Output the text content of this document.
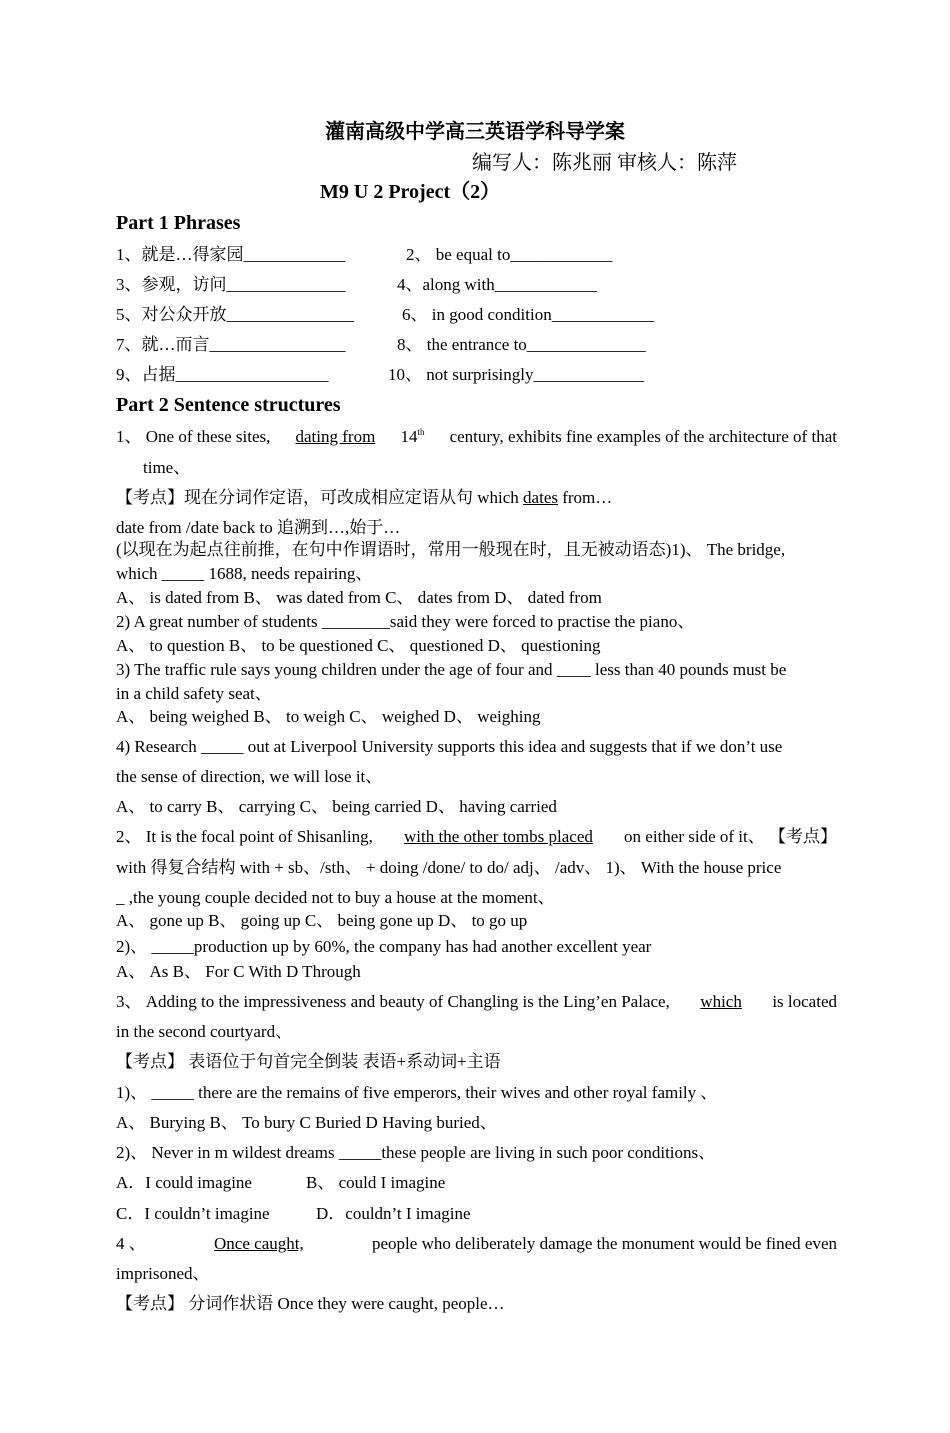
灌南高级中学高三英语学科导学案
编写人：陈兆丽 审核人：陈萍
M9 U 2 Project（2）
Part 1 Phrases
1、就是…得家园____________	2、 be equal to____________
3、参观，访问______________	4、along with____________
5、对公众开放_______________	6、 in good condition____________
7、就…而言________________	8、 the entrance to______________
9、占据__________________	10、 not surprisingly_____________
Part 2 Sentence structures
1、 One of these sites, dating from 14th century, exhibits fine examples of the architecture of that
time、
【考点】现在分词作定语，可改成相应定语从句 which dates from…
date from /date back to 追溯到…,始于…
(以现在为起点往前推，在句中作谓语时，常用一般现在时，且无被动语态)1)、 The bridge,
which _____ 1688, needs repairing、
A、 is dated from B、 was dated from C、 dates from D、 dated from
2) A great number of students ________said they were forced to practise the piano、
A、 to question B、 to be questioned C、 questioned D、 questioning
3) The traffic rule says young children under the age of four and ____ less than 40 pounds must be
in a child safety seat、
A、 being weighed B、 to weigh C、 weighed D、 weighing
4) Research _____ out at Liverpool University supports this idea and suggests that if we don’t use
the sense of direction, we will lose it、
A、 to carry B、 carrying C、 being carried D、 having carried
2、 It is the focal point of Shisanling, with the other tombs placed on either side of it、 【考点】
with 得复合结构 with + sb、/sth、 + doing /done/ to do/ adj、 /adv、 1)、 With the house price
_ ,the young couple decided not to buy a house at the moment、
A、 gone up B、 going up C、 being gone up D、 to go up
2)、 _____production up by 60%, the company has had another excellent year
A、 As B、 For C With D Through
3、 Adding to the impressiveness and beauty of Changling is the Ling’en Palace, which is located
in the second courtyard、
【考点】 表语位于句首完全倒装 表语+系动词+主语
1)、 _____ there are the remains of five emperors, their wives and other royal family 、
A、 Burying B、 To bury C Buried D Having buried、
2)、 Never in m wildest dreams _____these people are living in such poor conditions、
A．I could imagine	B、 could I imagine
C．I couldn’t imagine	D．couldn’t I imagine
4 、	Once caught,	people who deliberately damage the monument would be fined even
imprisoned、
【考点】 分词作状语 Once they were caught, people…
